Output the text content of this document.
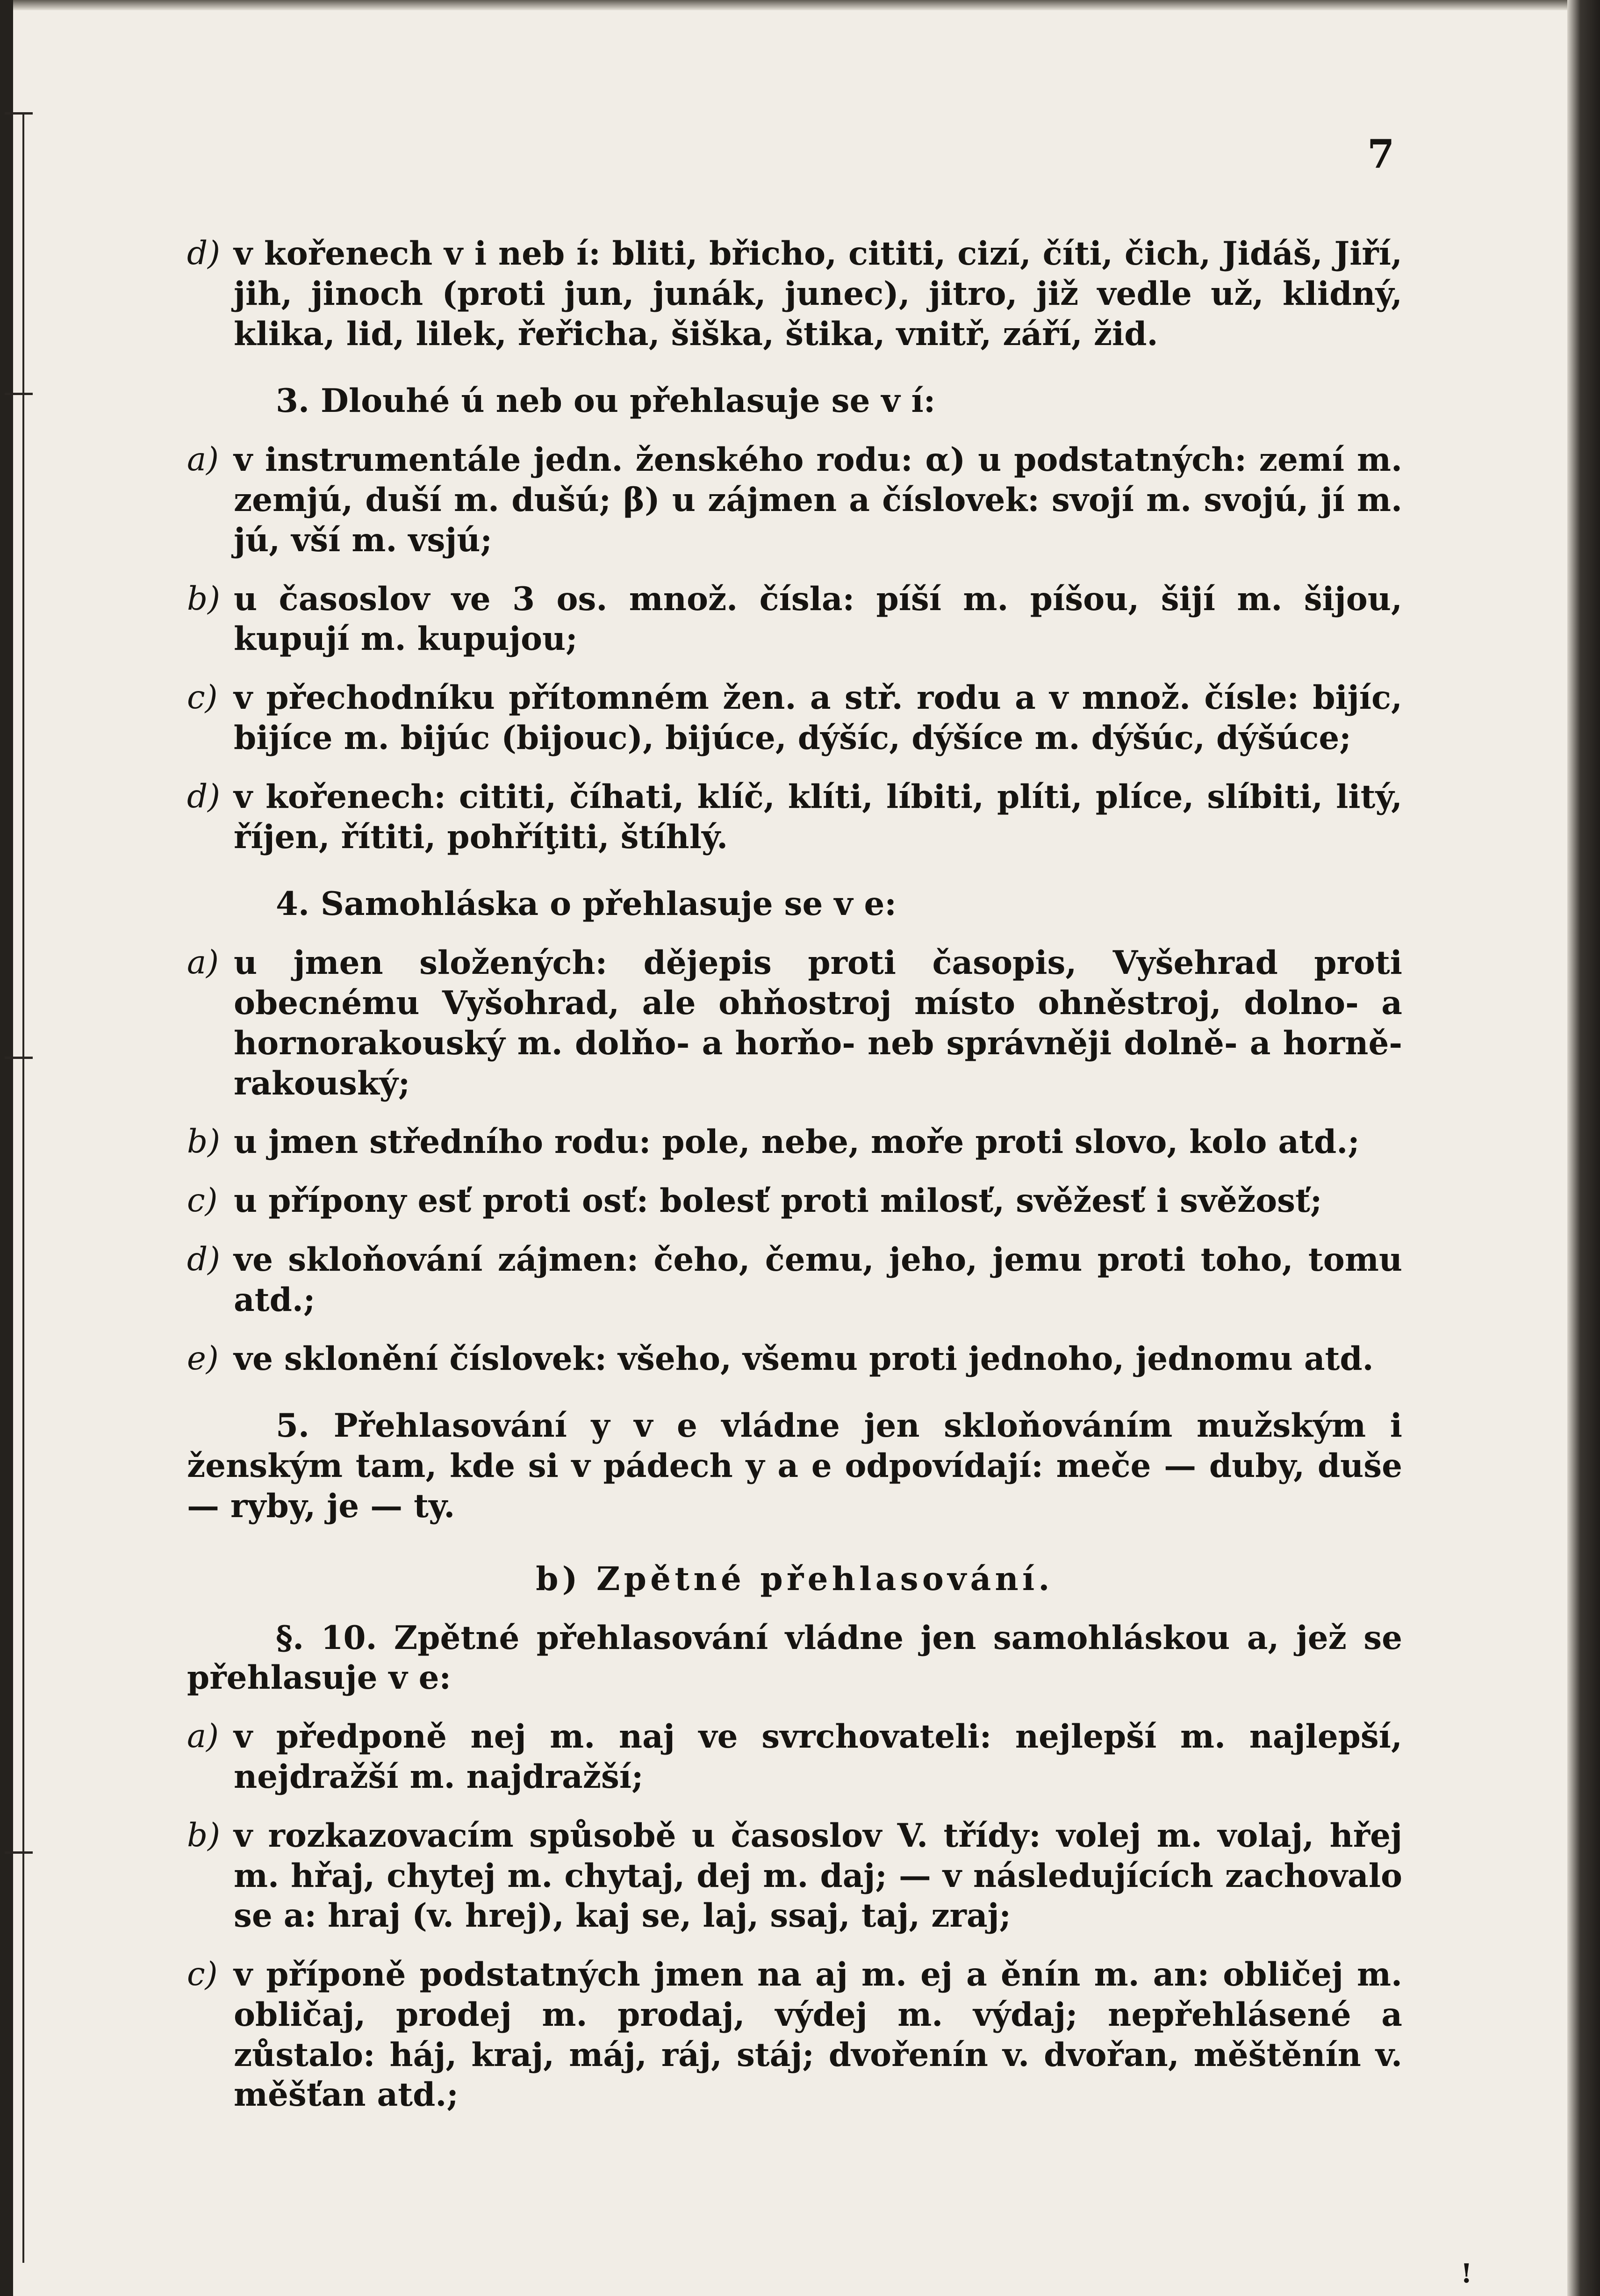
7
d) v kořenech v i neb í: bliti, břicho, cititi, cizí, číti, čich, Jidáš, Jiří, jih, jinoch (proti jun, junák, junec), jitro, již vedle už, klidný, klika, lid, lilek, řeřicha, šiška, štika, vnitř, září, žid.

3. Dlouhé ú neb ou přehlasuje se v í:

a) v instrumentále jedn. ženského rodu: α) u podstatných: zemí m. zemjú, duší m. dušú; β) u zájmen a číslovek: svojí m. svojú, jí m. jú, vší m. vsjú;
b) u časoslov ve 3 os. množ. čísla: píší m. píšou, šijí m. šijou, kupují m. kupujou;
c) v přechodníku přítomném žen. a stř. rodu a v množ. čísle: bijíc, bijíce m. bijúc (bijouc), bijúce, dýšíc, dýšíce m. dýšúc, dýšúce;
d) v kořenech: cititi, číhati, klíč, klíti, líbiti, plíti, plíce, slíbiti, litý, říjen, řítiti, pohříţiti, štíhlý.

4. Samohláska o přehlasuje se v e:

a) u jmen složených: dějepis proti časopis, Vyšehrad proti obecnému Vyšohrad, ale ohňostroj místo ohněstroj, dolno- a hornorakouský m. dolňo- a horňo- neb správněji dolně- a horně-rakouský;
b) u jmen středního rodu: pole, nebe, moře proti slovo, kolo atd.;
c) u přípony esť proti osť: bolesť proti milosť, svěžesť i svěžosť;
d) ve skloňování zájmen: čeho, čemu, jeho, jemu proti toho, tomu atd.;
e) ve sklonění číslovek: všeho, všemu proti jednoho, jednomu atd.

5. Přehlasování y v e vládne jen skloňováním mužským i ženským tam, kde si v pádech y a e odpovídají: meče — duby, duše — ryby, je — ty.

b) Zpětné přehlasování.

§. 10. Zpětné přehlasování vládne jen samohláskou a, jež se přehlasuje v e:

a) v předponě nej m. naj ve svrchovateli: nejlepší m. najlepší, nejdražší m. najdražší;
b) v rozkazovacím spůsobě u časoslov V. třídy: volej m. volaj, hřej m. hřaj, chytej m. chytaj, dej m. daj; — v následujících zachovalo se a: hraj (v. hrej), kaj se, laj, ssaj, taj, zraj;
c) v příponě podstatných jmen na aj m. ej a ěnín m. an: obličej m. obličaj, prodej m. prodaj, výdej m. výdaj; nepřehlásené a zůstalo: háj, kraj, máj, ráj, stáj; dvořenín v. dvořan, měštěnín v. měšťan atd.;
!
